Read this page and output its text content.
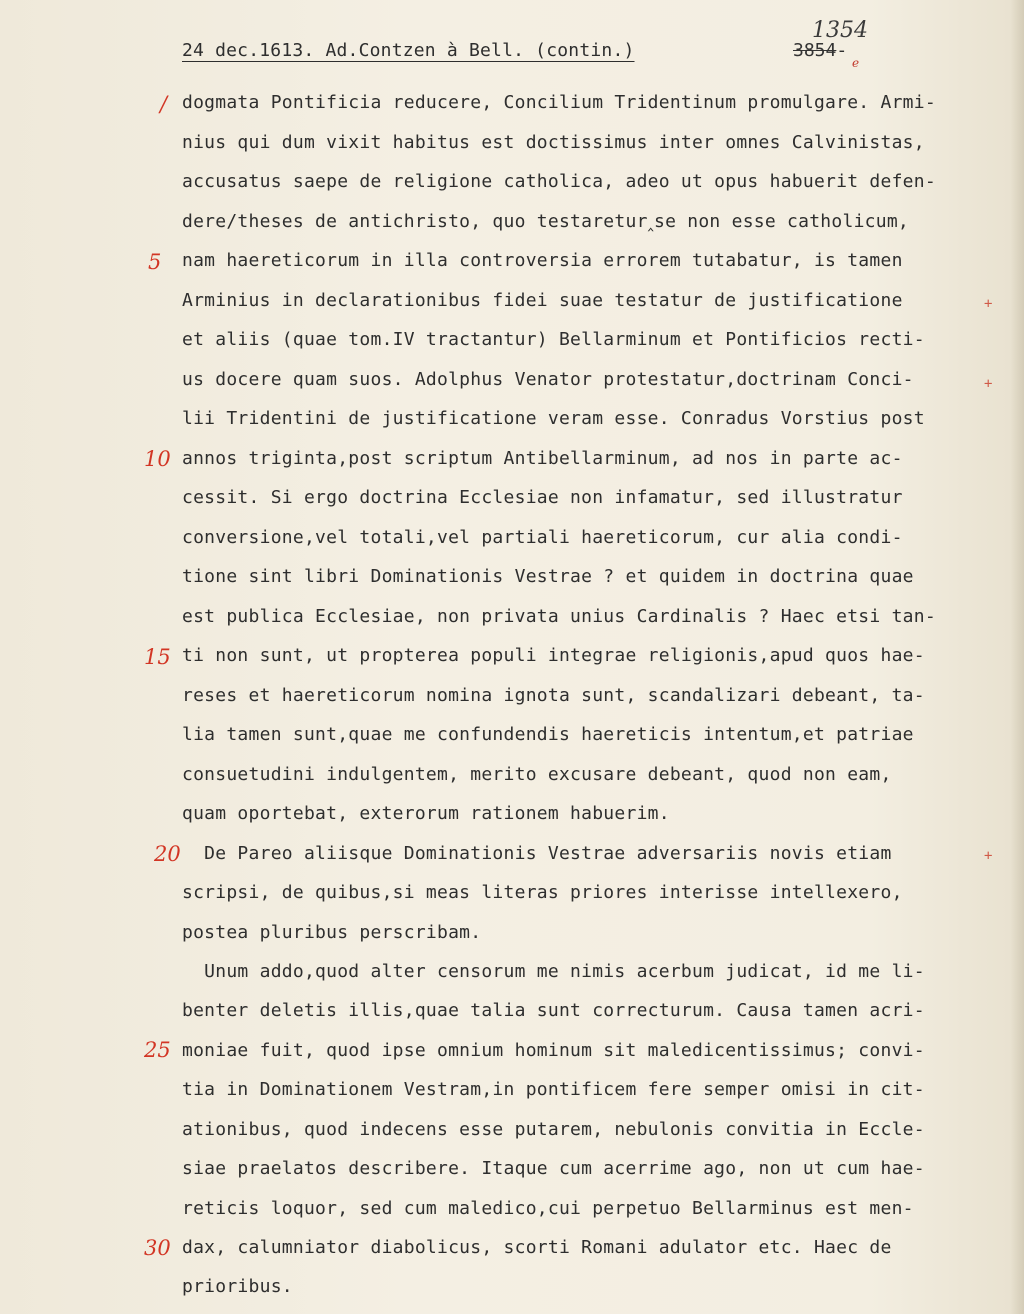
24 dec.1613. Ad.Contzen à Bell. (contin.)
1354
e
3854-
/
5
10
15
20
25
30
+
+
+
dogmata Pontificia reducere, Concilium Tridentinum promulgare. Armi-
nius qui dum vixit habitus est doctissimus inter omnes Calvinistas,
accusatus saepe de religione catholica, adeo ut opus habuerit defen-
dere/theses de antichristo, quo testaretur‸se non esse catholicum,
nam haereticorum in illa controversia errorem tutabatur, is tamen
Arminius in declarationibus fidei suae testatur de justificatione
et aliis (quae tom.IV tractantur) Bellarminum et Pontificios recti-
us docere quam suos. Adolphus Venator protestatur,doctrinam Conci-
lii Tridentini de justificatione veram esse. Conradus Vorstius post
annos triginta,post scriptum Antibellarminum, ad nos in parte ac-
cessit. Si ergo doctrina Ecclesiae non infamatur, sed illustratur
conversione,vel totali,vel partiali haereticorum, cur alia condi-
tione sint libri Dominationis Vestrae ? et quidem in doctrina quae
est publica Ecclesiae, non privata unius Cardinalis ? Haec etsi tan-
ti non sunt, ut propterea populi integrae religionis,apud quos hae-
reses et haereticorum nomina ignota sunt, scandalizari debeant, ta-
lia tamen sunt,quae me confundendis haereticis intentum,et patriae
consuetudini indulgentem, merito excusare debeant, quod non eam,
quam oportebat, exterorum rationem habuerim.
De Pareo aliisque Dominationis Vestrae adversariis novis etiam
scripsi, de quibus,si meas literas priores interisse intellexero,
postea pluribus perscribam.
Unum addo,quod alter censorum me nimis acerbum judicat, id me li-
benter deletis illis,quae talia sunt correcturum. Causa tamen acri-
moniae fuit, quod ipse omnium hominum sit maledicentissimus; convi-
tia in Dominationem Vestram,in pontificem fere semper omisi in cit-
ationibus, quod indecens esse putarem, nebulonis convitia in Eccle-
siae praelatos describere. Itaque cum acerrime ago, non ut cum hae-
reticis loquor, sed cum maledico,cui perpetuo Bellarminus est men-
dax, calumniator diabolicus, scorti Romani adulator etc. Haec de
prioribus.
